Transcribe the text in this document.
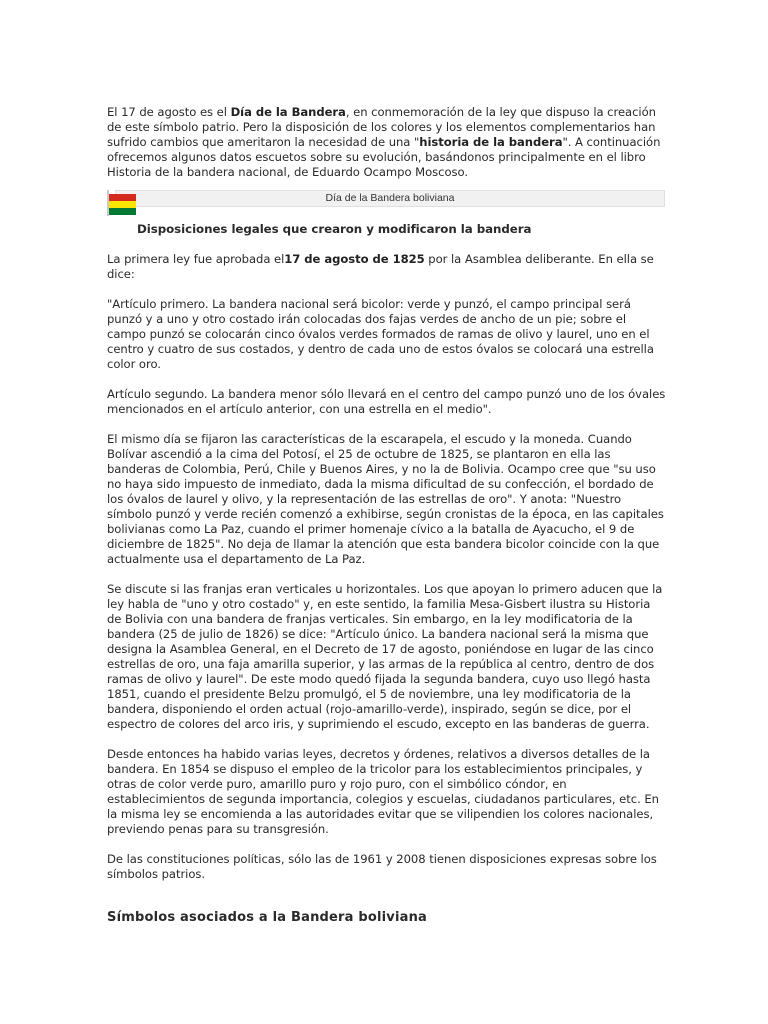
El 17 de agosto es el Día de la Bandera, en conmemoración de la ley que dispuso la creación de este símbolo patrio. Pero la disposición de los colores y los elementos complementarios han sufrido cambios que ameritaron la necesidad de una "historia de la bandera". A continuación ofrecemos algunos datos escuetos sobre su evolución, basándonos principalmente en el libro Historia de la bandera nacional, de Eduardo Ocampo Moscoso.

Día de la Bandera boliviana

Disposiciones legales que crearon y modificaron la bandera

La primera ley fue aprobada el17 de agosto de 1825 por la Asamblea deliberante. En ella se dice:

"Artículo primero. La bandera nacional será bicolor: verde y punzó, el campo principal será punzó y a uno y otro costado irán colocadas dos fajas verdes de ancho de un pie; sobre el campo punzó se colocarán cinco óvalos verdes formados de ramas de olivo y laurel, uno en el centro y cuatro de sus costados, y dentro de cada uno de estos óvalos se colocará una estrella color oro.

Artículo segundo. La bandera menor sólo llevará en el centro del campo punzó uno de los óvales mencionados en el artículo anterior, con una estrella en el medio".

El mismo día se fijaron las características de la escarapela, el escudo y la moneda. Cuando Bolívar ascendió a la cima del Potosí, el 25 de octubre de 1825, se plantaron en ella las banderas de Colombia, Perú, Chile y Buenos Aires, y no la de Bolivia. Ocampo cree que "su uso no haya sido impuesto de inmediato, dada la misma dificultad de su confección, el bordado de los óvalos de laurel y olivo, y la representación de las estrellas de oro". Y anota: "Nuestro símbolo punzó y verde recién comenzó a exhibirse, según cronistas de la época, en las capitales bolivianas como La Paz, cuando el primer homenaje cívico a la batalla de Ayacucho, el 9 de diciembre de 1825". No deja de llamar la atención que esta bandera bicolor coincide con la que actualmente usa el departamento de La Paz.

Se discute si las franjas eran verticales u horizontales. Los que apoyan lo primero aducen que la ley habla de "uno y otro costado" y, en este sentido, la familia Mesa-Gisbert ilustra su Historia de Bolivia con una bandera de franjas verticales. Sin embargo, en la ley modificatoria de la bandera (25 de julio de 1826) se dice: "Artículo único. La bandera nacional será la misma que designa la Asamblea General, en el Decreto de 17 de agosto, poniéndose en lugar de las cinco estrellas de oro, una faja amarilla superior, y las armas de la república al centro, dentro de dos ramas de olivo y laurel". De este modo quedó fijada la segunda bandera, cuyo uso llegó hasta 1851, cuando el presidente Belzu promulgó, el 5 de noviembre, una ley modificatoria de la bandera, disponiendo el orden actual (rojo-amarillo-verde), inspirado, según se dice, por el espectro de colores del arco iris, y suprimiendo el escudo, excepto en las banderas de guerra.

Desde entonces ha habido varias leyes, decretos y órdenes, relativos a diversos detalles de la bandera. En 1854 se dispuso el empleo de la tricolor para los establecimientos principales, y otras de color verde puro, amarillo puro y rojo puro, con el simbólico cóndor, en establecimientos de segunda importancia, colegios y escuelas, ciudadanos particulares, etc. En la misma ley se encomienda a las autoridades evitar que se vilipendien los colores nacionales, previendo penas para su transgresión.

De las constituciones políticas, sólo las de 1961 y 2008 tienen disposiciones expresas sobre los símbolos patrios.

Símbolos asociados a la Bandera boliviana
